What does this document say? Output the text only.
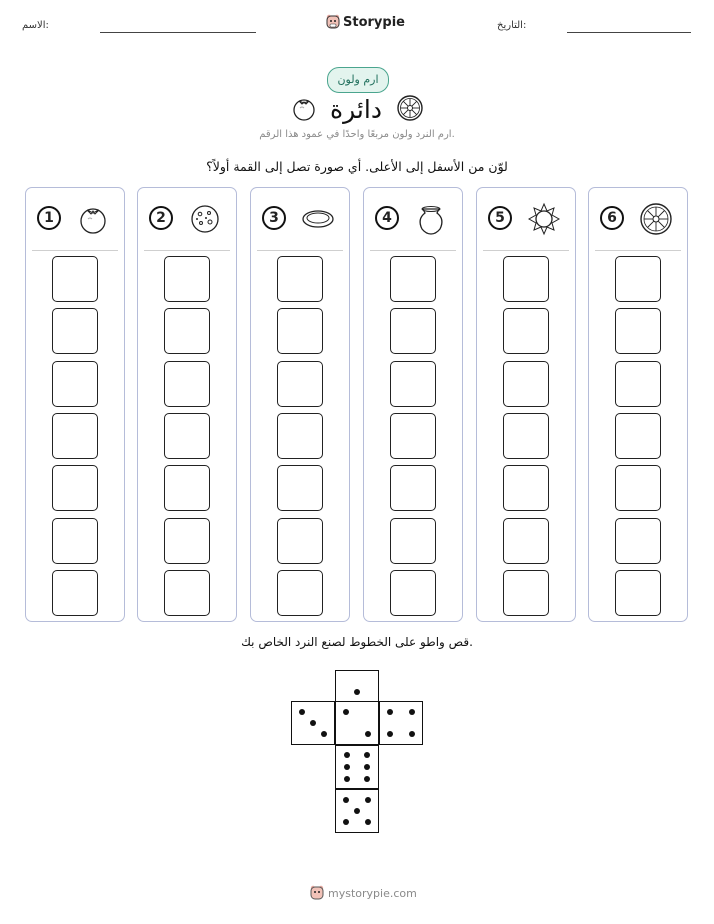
الاسم:	Storypie	التاريخ:
ارم ولون
دائرة
ارم النرد ولون مربعًا واحدًا في عمود هذا الرقم.
لوّن من الأسفل إلى الأعلى. أي صورة تصل إلى القمة أولاً؟
1	2	3	4	5	6
قص واطو على الخطوط لصنع النرد الخاص بك.
mystorypie.com
